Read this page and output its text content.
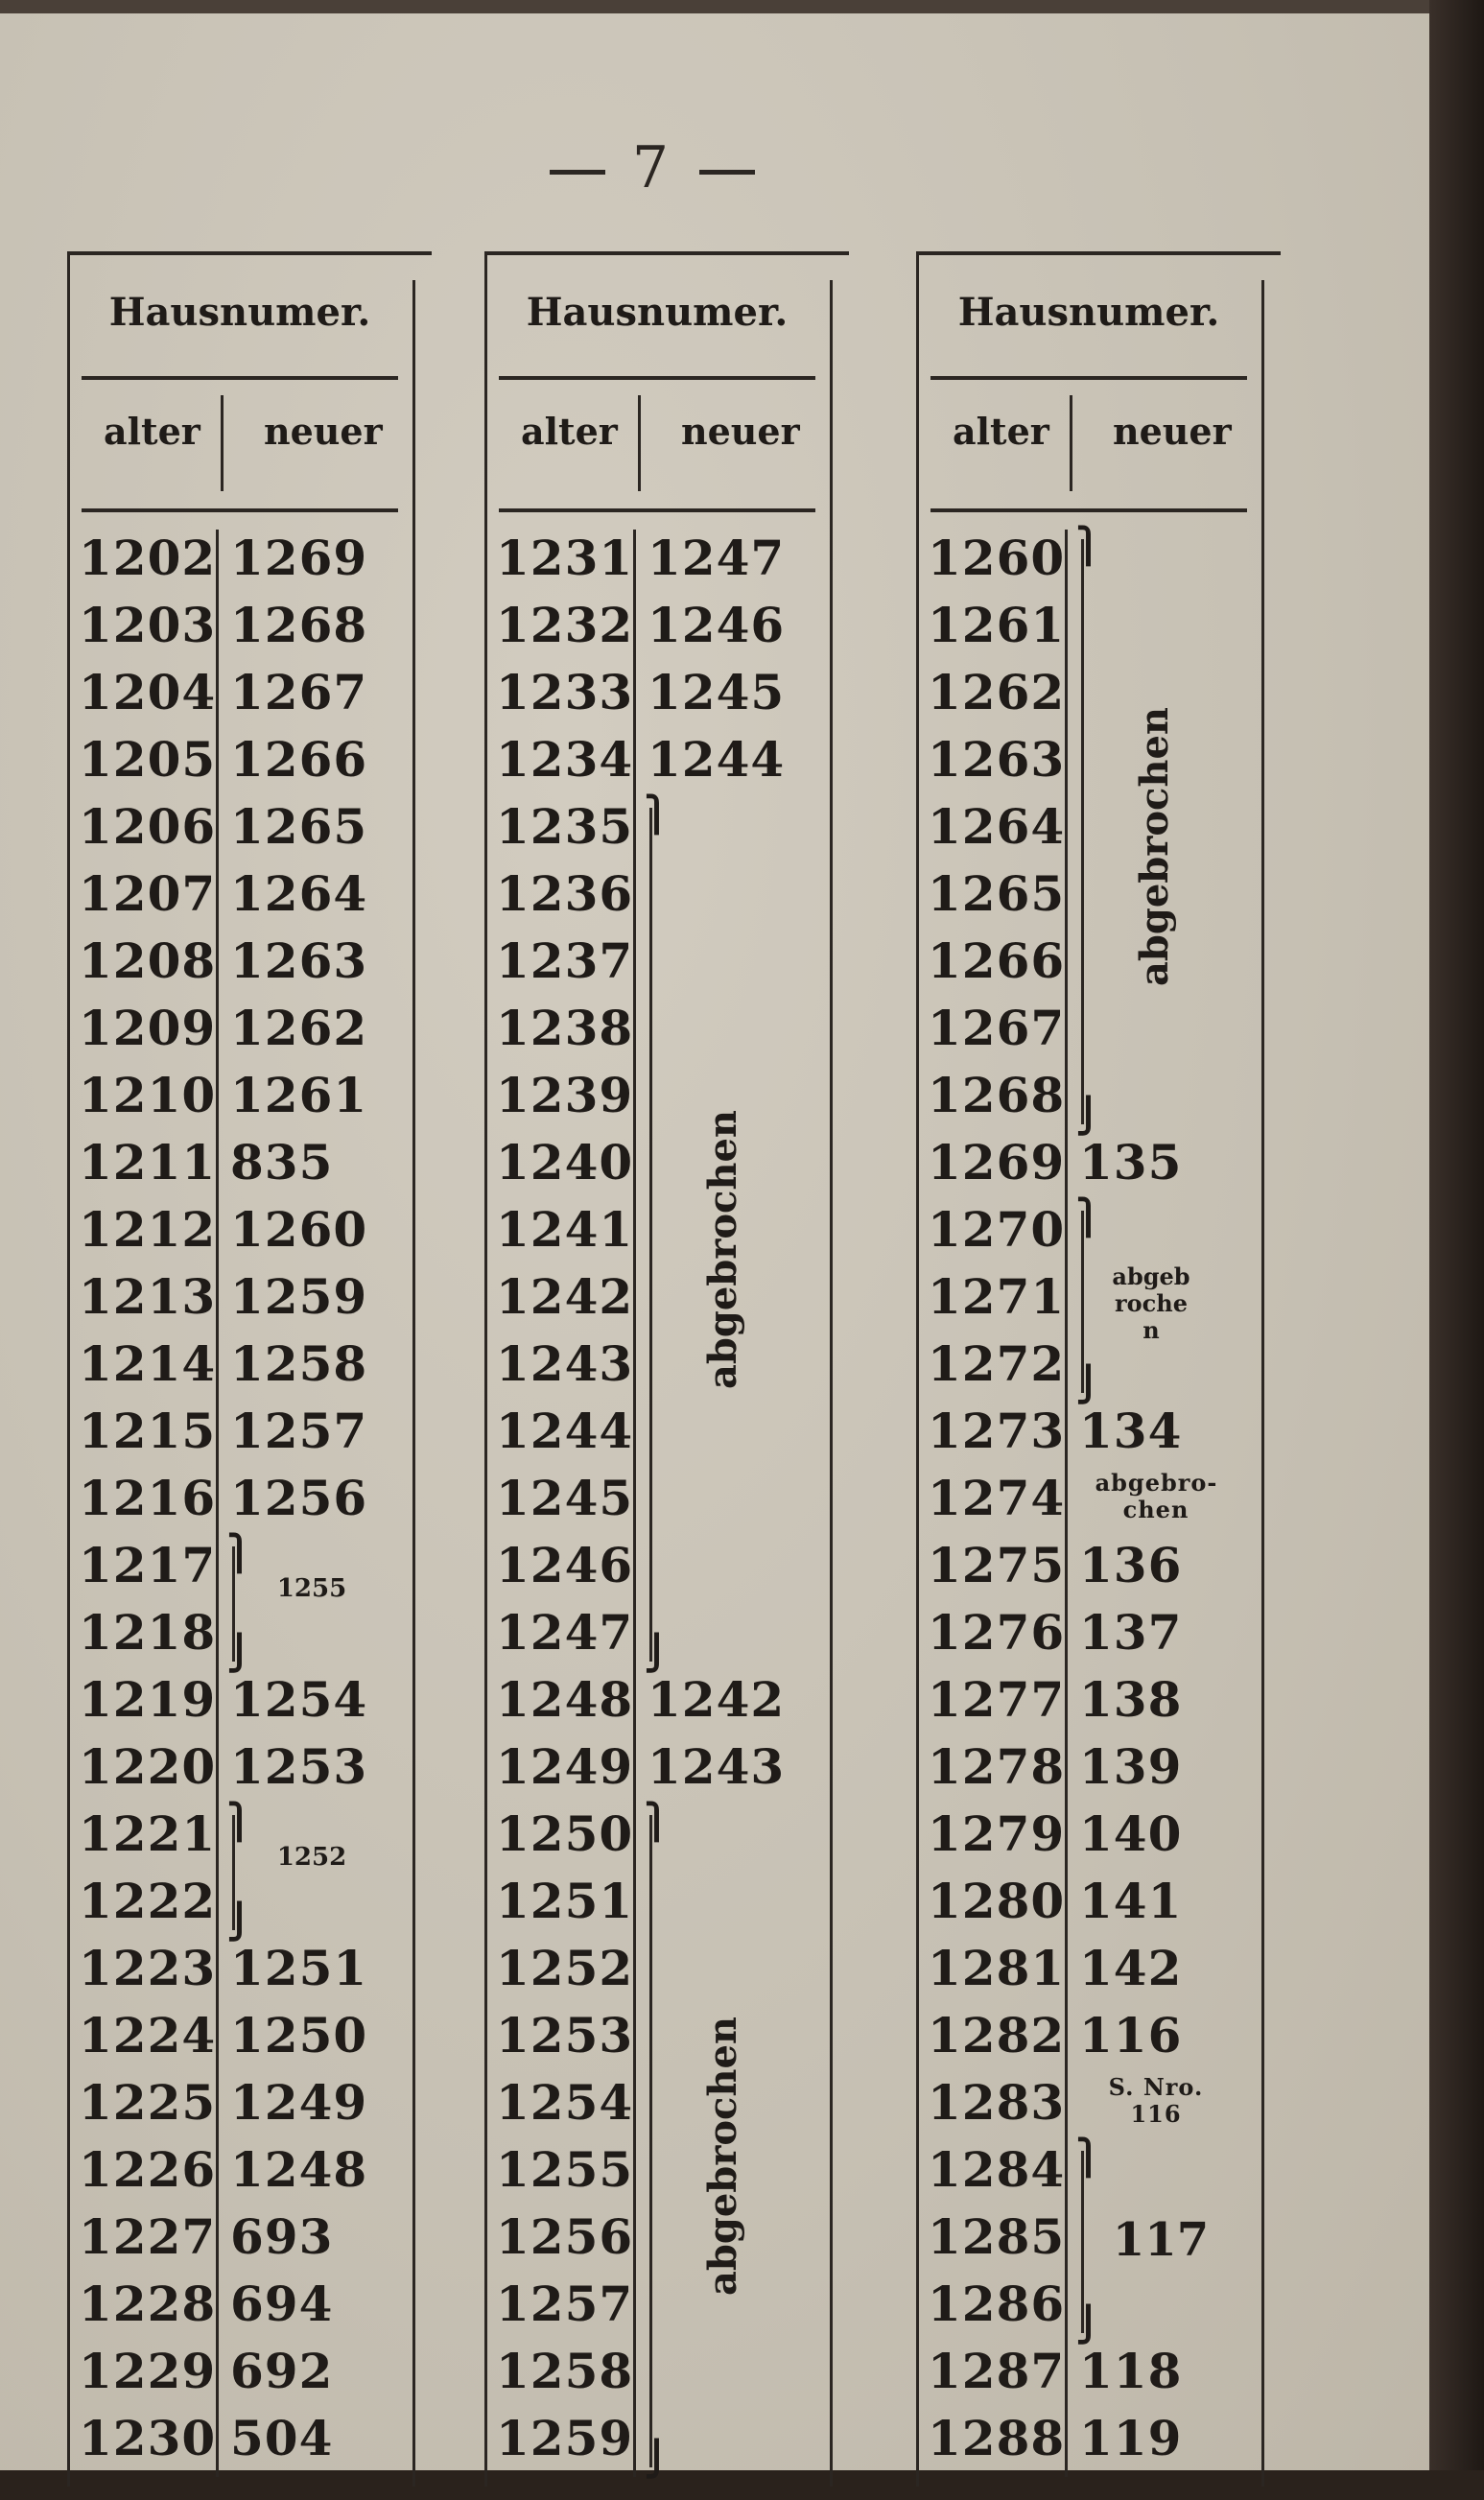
7
Hausnumer.
alter neuer
1202 1269
1203 1268
1204 1267
1205 1266
1206 1265
1207 1264
1208 1263
1209 1262
1210 1261
1211 835
1212 1260
1213 1259
1214 1258
1215 1257
1216 1256
1217
1218
1219 1254
1220 1253
1221
1222
1223 1251
1224 1250
1225 1249
1226 1248
1227 693
1228 694
1229 692
1230 504
⎫
⎭
1255
⎫
⎭
1252
Hausnumer.
alter neuer
1231 1247
1232 1246
1233 1245
1234 1244
1235
1236
1237
1238
1239
1240
1241
1242
1243
1244
1245
1246
1247
1248 1242
1249 1243
1250
1251
1252
1253
1254
1255
1256
1257
1258
1259
⎫
⎭
abgebrochen
⎫
⎭
abgebrochen
Hausnumer.
alter neuer
1260
1261
1262
1263
1264
1265
1266
1267
1268
1269 135
1270
1271
1272
1273 134
1274	abgebrochen
1275 136
1276 137
1277 138
1278 139
1279 140
1280 141
1281 142
1282 116
1283	S. Nro. 116
1284
1285
1286
1287 118
1288 119
⎫
⎭
abgebrochen
⎫
⎭
abgebrochen
⎫
⎭
117
